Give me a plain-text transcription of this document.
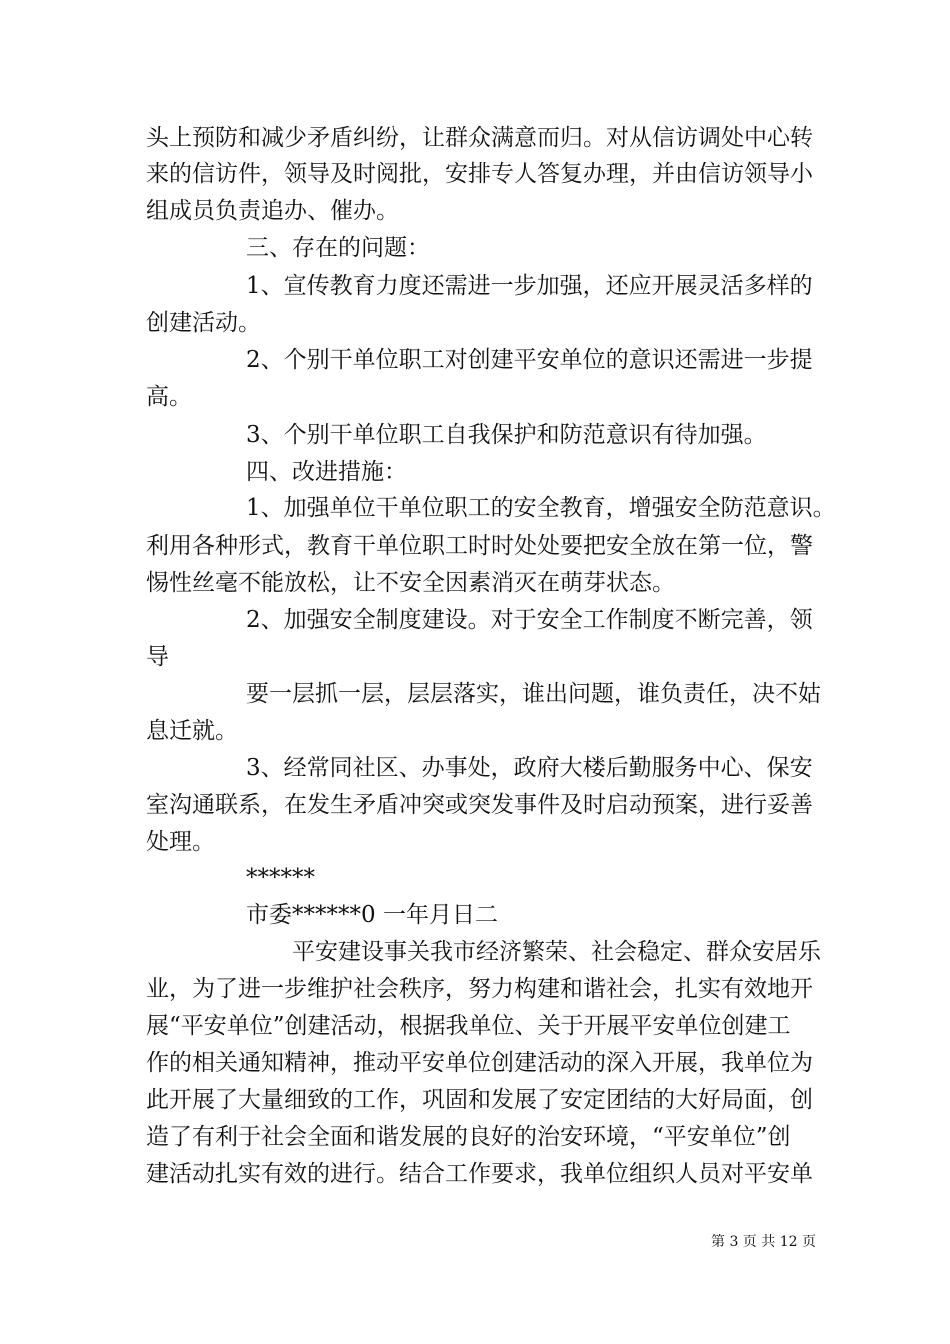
头上预防和减少矛盾纠纷，让群众满意而归。对从信访调处中心转
来的信访件，领导及时阅批，安排专人答复办理，并由信访领导小
组成员负责追办、催办。
三、存在的问题：
1、宣传教育力度还需进一步加强，还应开展灵活多样的
创建活动。
2、个别干单位职工对创建平安单位的意识还需进一步提
高。
3、个别干单位职工自我保护和防范意识有待加强。
四、改进措施：
1、加强单位干单位职工的安全教育，增强安全防范意识。
利用各种形式，教育干单位职工时时处处要把安全放在第一位，警
惕性丝毫不能放松，让不安全因素消灭在萌芽状态。
2、加强安全制度建设。对于安全工作制度不断完善，领
导
要一层抓一层，层层落实，谁出问题，谁负责任，决不姑
息迁就。
3、经常同社区、办事处，政府大楼后勤服务中心、保安
室沟通联系，在发生矛盾冲突或突发事件及时启动预案，进行妥善
处理。
******
市委******0 一年月日二
平安建设事关我市经济繁荣、社会稳定、群众安居乐
业，为了进一步维护社会秩序，努力构建和谐社会，扎实有效地开
展“平安单位”创建活动，根据我单位、关于开展平安单位创建工
作的相关通知精神，推动平安单位创建活动的深入开展，我单位为
此开展了大量细致的工作，巩固和发展了安定团结的大好局面，创
造了有利于社会全面和谐发展的良好的治安环境，“平安单位”创
建活动扎实有效的进行。结合工作要求，我单位组织人员对平安单
第 3 页 共 12 页
